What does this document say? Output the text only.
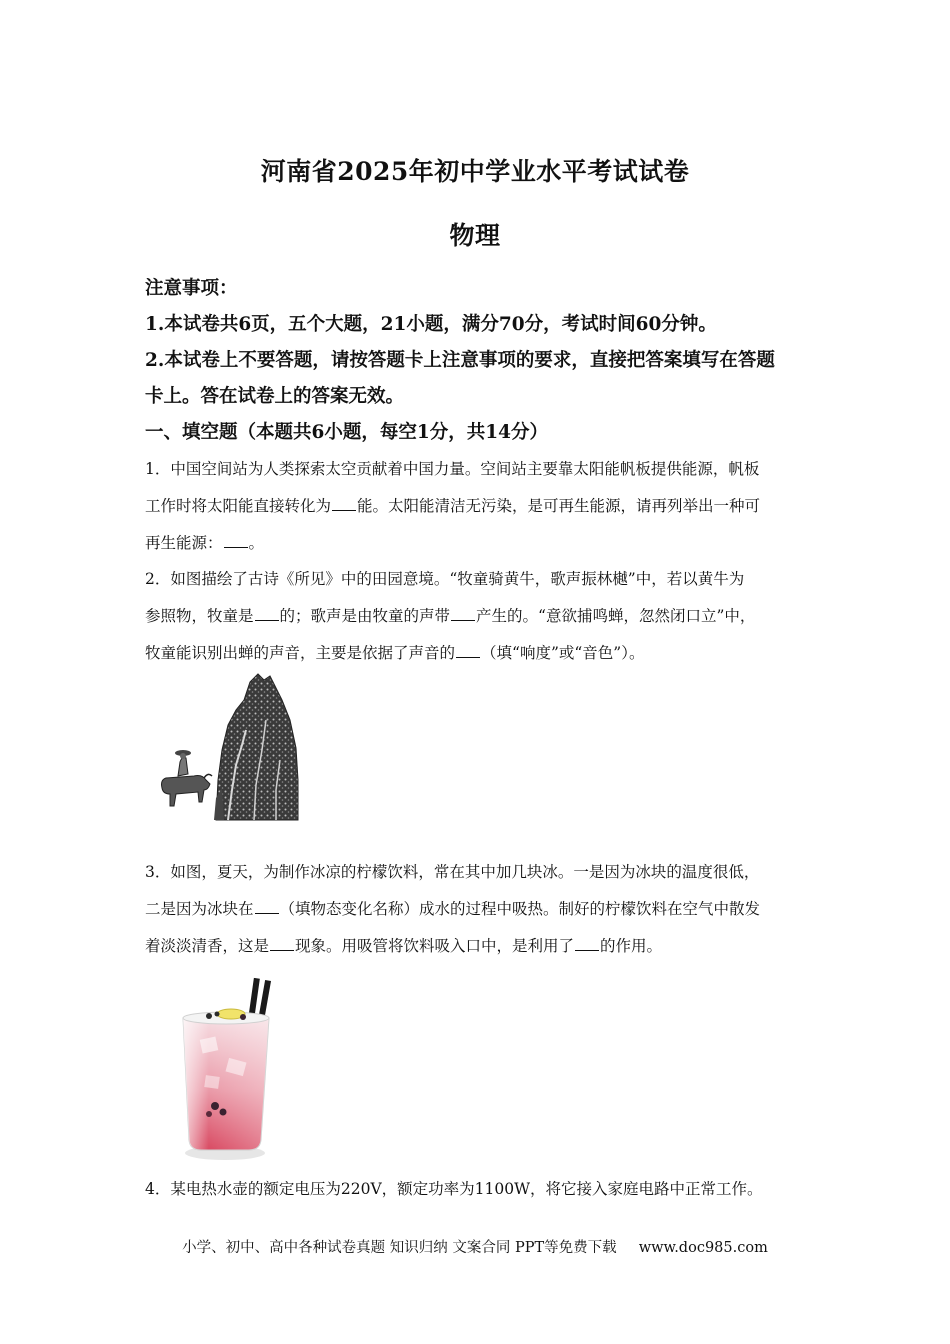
河南省2025年初中学业水平考试试卷
物理
注意事项：
1.本试卷共6页，五个大题，21小题，满分70分，考试时间60分钟。
2.本试卷上不要答题，请按答题卡上注意事项的要求，直接把答案填写在答题
卡上。答在试卷上的答案无效。
一、填空题（本题共6小题，每空1分，共14分）
1．中国空间站为人类探索太空贡献着中国力量。空间站主要靠太阳能帆板提供能源，帆板
工作时将太阳能直接转化为 能。太阳能清洁无污染，是可再生能源，请再列举出一种可
再生能源： 。
2．如图描绘了古诗《所见》中的田园意境。“牧童骑黄牛，歌声振林樾”中，若以黄牛为
参照物，牧童是 的；歌声是由牧童的声带 产生的。“意欲捕鸣蝉，忽然闭口立”中，
牧童能识别出蝉的声音，主要是依据了声音的 （填“响度”或“音色”）。
3．如图，夏天，为制作冰凉的柠檬饮料，常在其中加几块冰。一是因为冰块的温度很低，
二是因为冰块在 （填物态变化名称）成水的过程中吸热。制好的柠檬饮料在空气中散发
着淡淡清香，这是 现象。用吸管将饮料吸入口中，是利用了 的作用。
4．某电热水壶的额定电压为220V，额定功率为1100W，将它接入家庭电路中正常工作。
小学、初中、高中各种试卷真题 知识归纳 文案合同 PPT等免费下载 www.doc985.com
